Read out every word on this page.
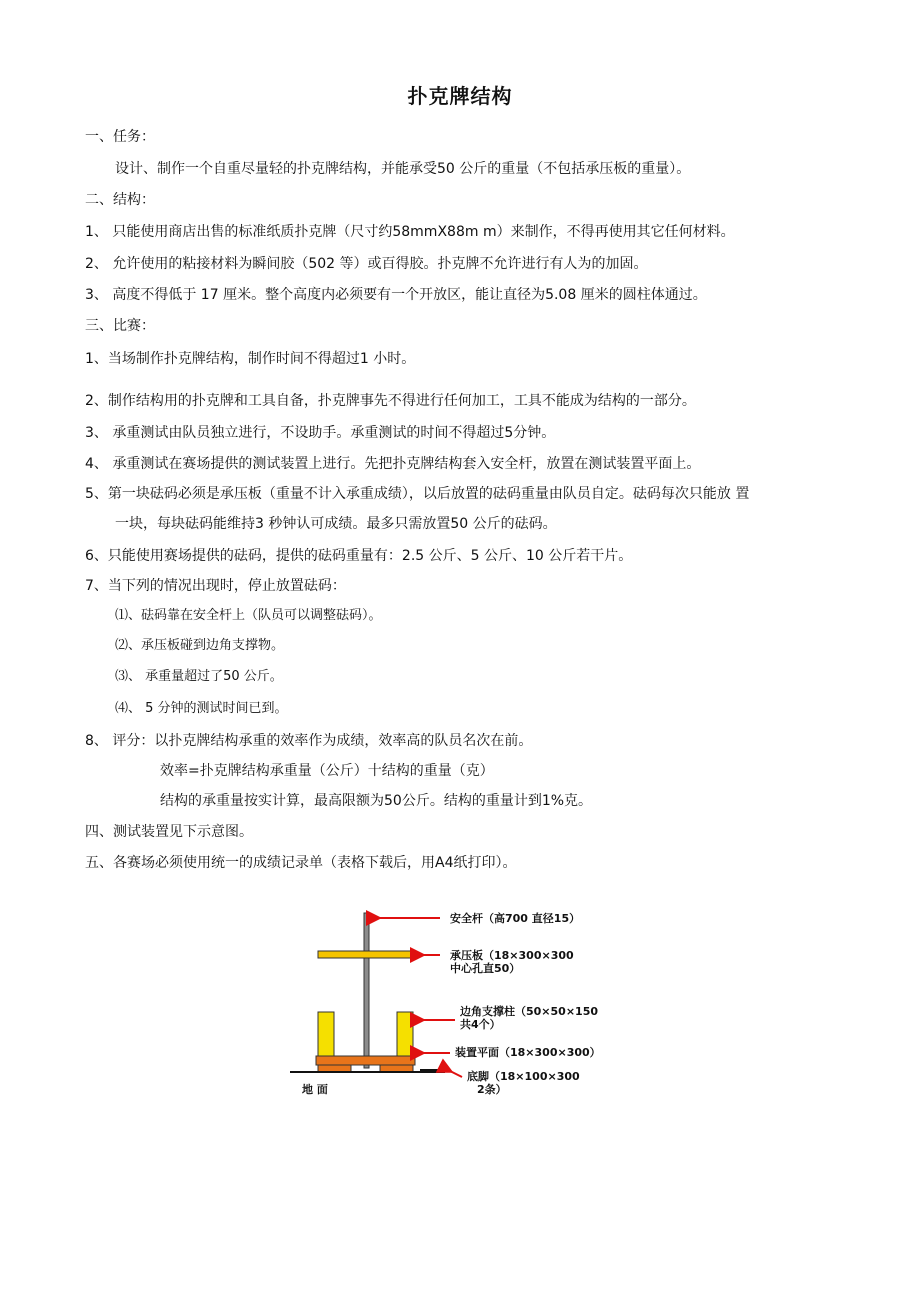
扑克牌结构
一、任务：
设计、制作一个自重尽量轻的扑克牌结构，并能承受50 公斤的重量（不包括承压板的重量）。
二、结构：
1、 只能使用商店出售的标准纸质扑克牌（尺寸约58mmX88m m）来制作，不得再使用其它任何材料。
2、 允许使用的粘接材料为瞬间胶（502 等）或百得胶。扑克牌不允许进行有人为的加固。
3、 高度不得低于 17 厘米。整个高度内必须要有一个开放区，能让直径为5.08 厘米的圆柱体通过。
三、比赛：
1、当场制作扑克牌结构，制作时间不得超过1 小时。
2、制作结构用的扑克牌和工具自备，扑克牌事先不得进行任何加工，工具不能成为结构的一部分。
3、 承重测试由队员独立进行，不设助手。承重测试的时间不得超过5分钟。
4、 承重测试在赛场提供的测试装置上进行。先把扑克牌结构套入安全杆，放置在测试装置平面上。
5、第一块砝码必须是承压板（重量不计入承重成绩），以后放置的砝码重量由队员自定。砝码每次只能放 置
一块，每块砝码能维持3 秒钟认可成绩。最多只需放置50 公斤的砝码。
6、只能使用赛场提供的砝码，提供的砝码重量有：2.5 公斤、5 公斤、10 公斤若干片。
7、当下列的情况出现时，停止放置砝码：
⑴、砝码靠在安全杆上（队员可以调整砝码）。
⑵、承压板碰到边角支撑物。
⑶、 承重量超过了50 公斤。
⑷、 5 分钟的测试时间已到。
8、 评分：以扑克牌结构承重的效率作为成绩，效率高的队员名次在前。
效率=扑克牌结构承重量（公斤）十结构的重量（克）
结构的承重量按实计算，最高限额为50公斤。结构的重量计到1%克。
四、测试装置见下示意图。
五、各赛场必须使用统一的成绩记录单（表格下载后，用A4纸打印）。
安全杆（高700 直径15）
承压板（18×300×300
中心孔直50）
边角支撑柱（50×50×150
共4个）
装置平面（18×300×300）
底脚（18×100×300
2条）
地 面
